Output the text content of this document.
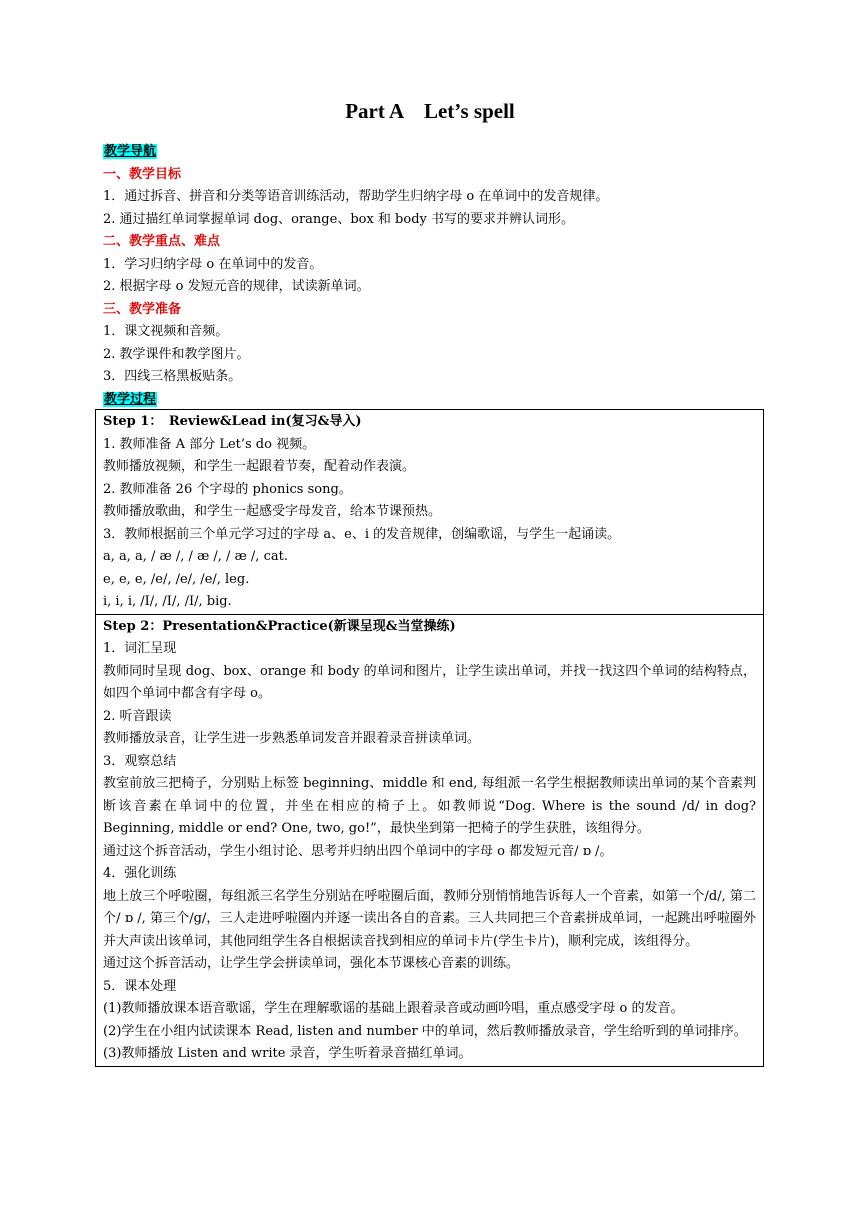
Part A　Let’s spell
教学导航
一、教学目标
1．通过拆音、拼音和分类等语音训练活动，帮助学生归纳字母 o 在单词中的发音规律。
2. 通过描红单词掌握单词 dog、orange、box 和 body 书写的要求并辨认词形。
二、教学重点、难点
1．学习归纳字母 o 在单词中的发音。
2. 根据字母 o 发短元音的规律，试读新单词。
三、教学准备
1．课文视频和音频。
2. 教学课件和教学图片。
3．四线三格黑板贴条。
教学过程
Step 1：　Review&Lead in(复习&导入)
1. 教师准备 A 部分 Let’s do 视频。
教师播放视频，和学生一起跟着节奏，配着动作表演。
2. 教师准备 26 个字母的 phonics song。
教师播放歌曲，和学生一起感受字母发音，给本节课预热。
3．教师根据前三个单元学习过的字母 a、e、i 的发音规律，创编歌谣，与学生一起诵读。
a, a, a, / æ /, / æ /, / æ /, cat.
e, e, e, /e/, /e/, /e/, leg.
i, i, i, /I/, /I/, /I/, big.
Step 2：Presentation&Practice(新课呈现&当堂操练)
1．词汇呈现
教师同时呈现 dog、box、orange 和 body 的单词和图片，让学生读出单词，并找一找这四个单词的结构特点，如四个单词中都含有字母 o。
2. 听音跟读
教师播放录音，让学生进一步熟悉单词发音并跟着录音拼读单词。
3．观察总结
教室前放三把椅子，分别贴上标签 beginning、middle 和 end, 每组派一名学生根据教师读出单词的某个音素判断该音素在单词中的位置，并坐在相应的椅子上。如教师说“Dog. Where is the sound /d/ in dog? Beginning, middle or end? One, two, go!”，最快坐到第一把椅子的学生获胜，该组得分。
通过这个拆音活动，学生小组讨论、思考并归纳出四个单词中的字母 o 都发短元音/ ɒ /。
4．强化训练
地上放三个呼啦圈，每组派三名学生分别站在呼啦圈后面，教师分别悄悄地告诉每人一个音素，如第一个/d/, 第二个/ ɒ /, 第三个/g/，三人走进呼啦圈内并逐一读出各自的音素。三人共同把三个音素拼成单词，一起跳出呼啦圈外并大声读出该单词，其他同组学生各自根据读音找到相应的单词卡片(学生卡片)，顺利完成，该组得分。
通过这个拆音活动，让学生学会拼读单词，强化本节课核心音素的训练。
5．课本处理
(1)教师播放课本语音歌谣，学生在理解歌谣的基础上跟着录音或动画吟唱，重点感受字母 o 的发音。
(2)学生在小组内试读课本 Read, listen and number 中的单词，然后教师播放录音，学生给听到的单词排序。
(3)教师播放 Listen and write 录音，学生听着录音描红单词。
